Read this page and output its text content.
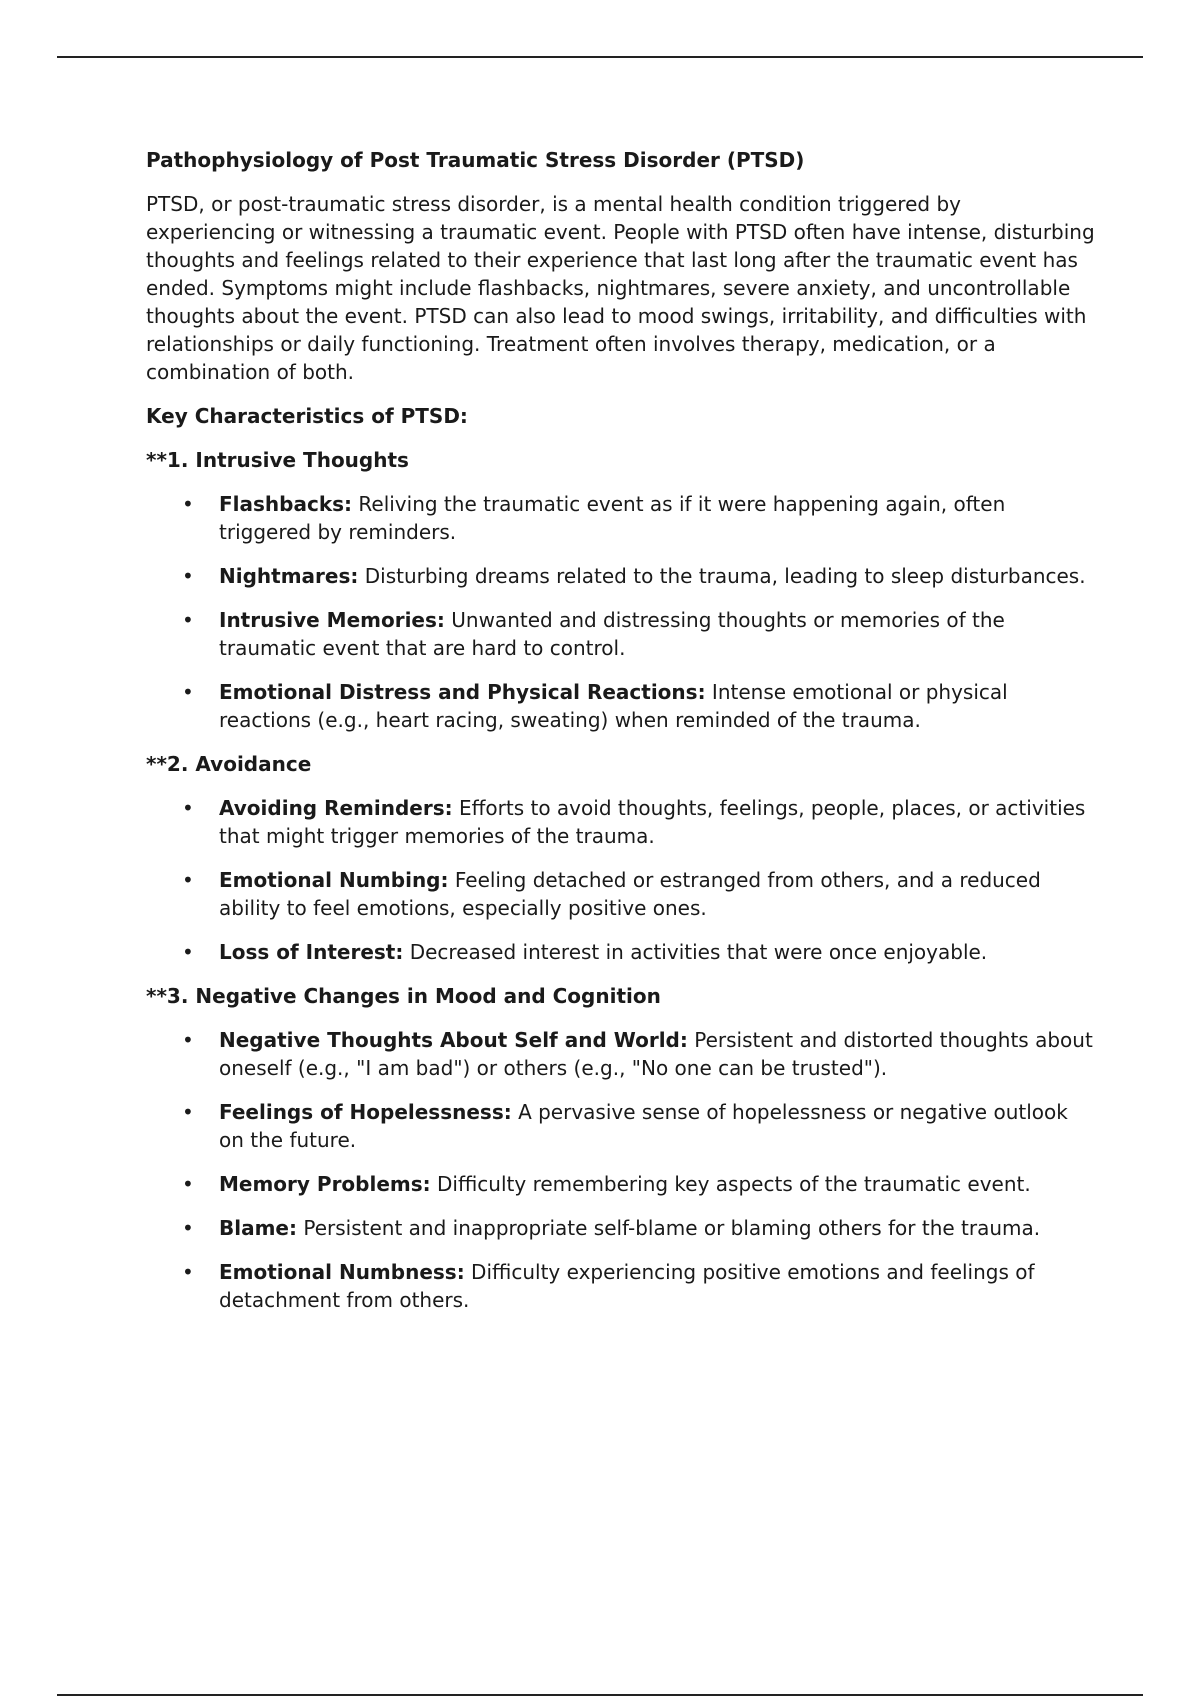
Pathophysiology of Post Traumatic Stress Disorder (PTSD)

PTSD, or post-traumatic stress disorder, is a mental health condition triggered by experiencing or witnessing a traumatic event. People with PTSD often have intense, disturbing thoughts and feelings related to their experience that last long after the traumatic event has ended. Symptoms might include flashbacks, nightmares, severe anxiety, and uncontrollable thoughts about the event. PTSD can also lead to mood swings, irritability, and difficulties with relationships or daily functioning. Treatment often involves therapy, medication, or a combination of both.

Key Characteristics of PTSD:
**1. Intrusive Thoughts
• Flashbacks: Reliving the traumatic event as if it were happening again, often triggered by reminders.
• Nightmares: Disturbing dreams related to the trauma, leading to sleep disturbances.
• Intrusive Memories: Unwanted and distressing thoughts or memories of the traumatic event that are hard to control.
• Emotional Distress and Physical Reactions: Intense emotional or physical reactions (e.g., heart racing, sweating) when reminded of the trauma.
**2. Avoidance
• Avoiding Reminders: Efforts to avoid thoughts, feelings, people, places, or activities that might trigger memories of the trauma.
• Emotional Numbing: Feeling detached or estranged from others, and a reduced ability to feel emotions, especially positive ones.
• Loss of Interest: Decreased interest in activities that were once enjoyable.
**3. Negative Changes in Mood and Cognition
• Negative Thoughts About Self and World: Persistent and distorted thoughts about oneself (e.g., "I am bad") or others (e.g., "No one can be trusted").
• Feelings of Hopelessness: A pervasive sense of hopelessness or negative outlook on the future.
• Memory Problems: Difficulty remembering key aspects of the traumatic event.
• Blame: Persistent and inappropriate self-blame or blaming others for the trauma.
• Emotional Numbness: Difficulty experiencing positive emotions and feelings of detachment from others.
